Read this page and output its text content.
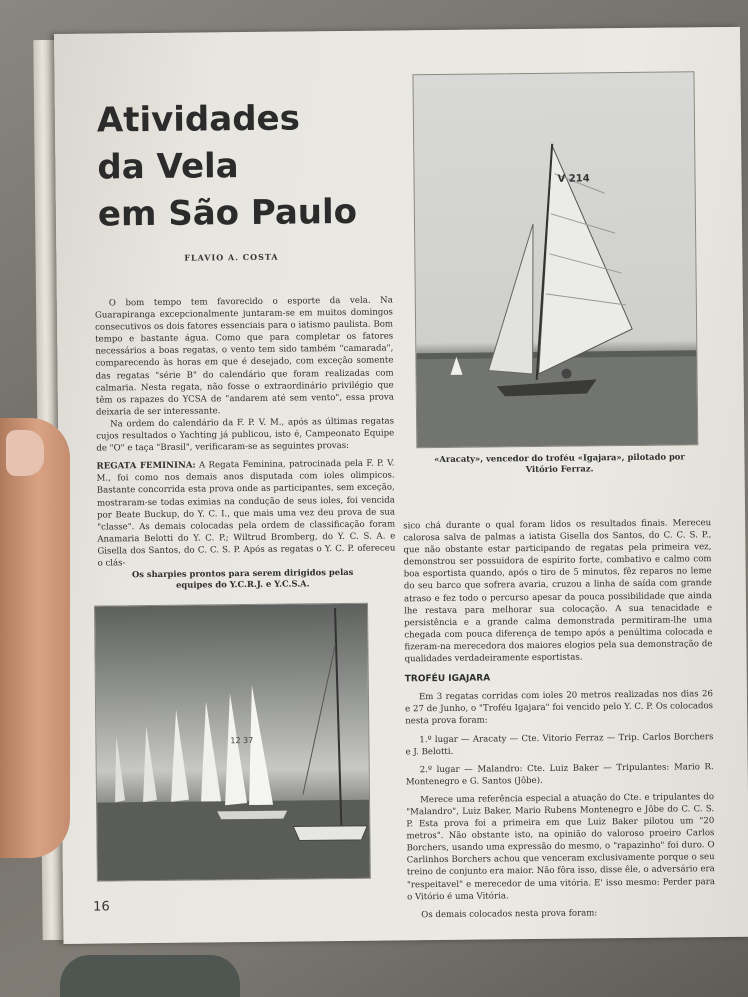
Atividades
da Vela
em São Paulo
FLAVIO A. COSTA

O bom tempo tem favorecido o esporte da vela. Na Guarapiranga excepcionalmente juntaram-se em muitos domingos consecutivos os dois fatores essenciais para o iatismo paulista. Bom tempo e bastante água. Como que para completar os fatores necessários a boas regatas, o vento tem sido também "camarada", comparecendo às horas em que é desejado, com exceção somente das regatas "série B" do calendário que foram realizadas com calmaria. Nesta regata, não fosse o extraordinário privilégio que têm os rapazes do YCSA de "andarem até sem vento", essa prova deixaria de ser interessante.

Na ordem do calendário da F. P. V. M., após as últimas regatas cujos resultados o Yachting já publicou, isto é, Campeonato Equipe de "O" e taça "Brasil", verificaram-se as seguintes provas:

REGATA FEMININA: A Regata Feminina, patrocinada pela F. P. V. M., foi como nos demais anos disputada com ioles olimpicos. Bastante concorrida esta prova onde as participantes, sem exceção, mostraram-se todas eximias na condução de seus ioles, foi vencida por Beate Buckup, do Y. C. I., que mais uma vez deu prova de sua "classe". As demais colocadas pela ordem de classificação foram Anamaria Belotti do Y. C. P.; Wiltrud Bromberg, do Y. C. S. A. e Gisella dos Santos, do C. C. S. P. Após as regatas o Y. C. P. ofereceu o clás-

V 214
«Aracaty», vencedor do troféu «Igajara», pilotado por Vitório Ferraz.
Os sharpies prontos para serem dirigidos pelas equipes do Y.C.R.J. e Y.C.S.A.
12 37

sico chá durante o qual foram lidos os resultados finais. Mereceu calorosa salva de palmas a iatista Gisella dos Santos, do C. C. S. P., que não obstante estar participando de regatas pela primeira vez, demonstrou ser possuidora de espirito forte, combativo e calmo com boa esportista quando, após o tiro de 5 minutos, fêz reparos no leme do seu barco que sofrera avaria, cruzou a linha de saída com grande atraso e fez todo o percurso apesar da pouca possibilidade que ainda lhe restava para melhorar sua colocação. A sua tenacidade e persistência e a grande calma demonstrada permitiram-lhe uma chegada com pouca diferença de tempo após a penúltima colocada e fizeram-na merecedora dos maiores elogios pela sua demonstração de qualidades verdadeiramente esportistas.

TROFÉU IGAJARA

Em 3 regatas corridas com ioles 20 metros realizadas nos dias 26 e 27 de Junho, o "Troféu Igajara" foi vencido pelo Y. C. P. Os colocados nesta prova foram:

1.º lugar — Aracaty — Cte. Vitorio Ferraz — Trip. Carlos Borchers e J. Belotti.

2.º lugar — Malandro: Cte. Luiz Baker — Tripulantes: Mario R. Montenegro e G. Santos (Jôbe).

Merece uma referência especial a atuação do Cte. e tripulantes do "Malandro", Luiz Baker, Mario Rubens Montenegro e Jôbe do C. C. S. P. Esta prova foi a primeira em que Luiz Baker pilotou um "20 metros". Não obstante isto, na opinião do valoroso proeiro Carlos Borchers, usando uma expressão do mesmo, o "rapazinho" foi duro. O Carlinhos Borchers achou que venceram exclusivamente porque o seu treino de conjunto era maior. Não fôra isso, disse êle, o adversário era "respeitavel" e merecedor de uma vitória. E' isso mesmo: Perder para o Vitório é uma Vitória.

Os demais colocados nesta prova foram:

16
